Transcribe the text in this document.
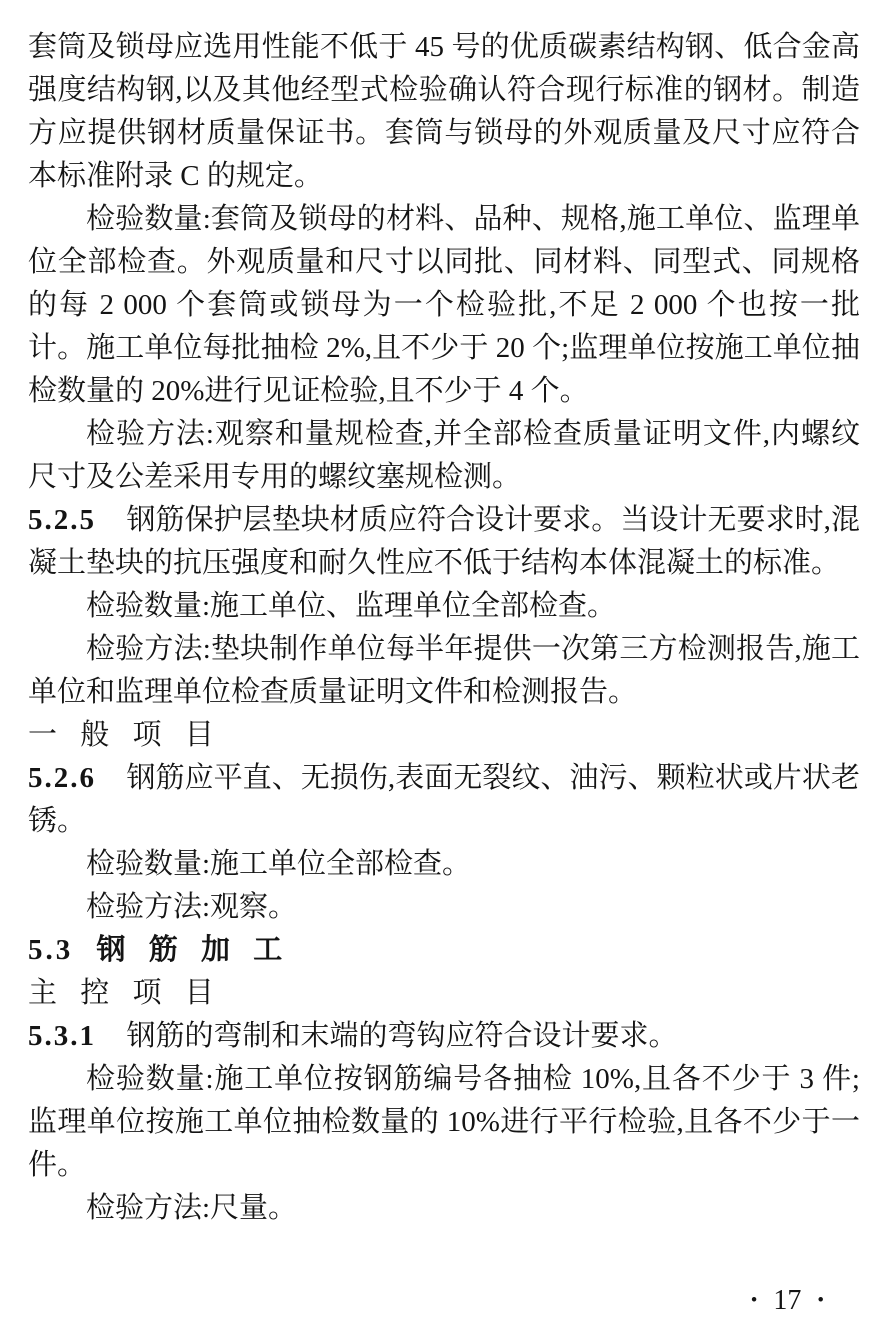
套筒及锁母应选用性能不低于 45 号的优质碳素结构钢、低合金高强度结构钢,以及其他经型式检验确认符合现行标准的钢材。制造方应提供钢材质量保证书。套筒与锁母的外观质量及尺寸应符合本标准附录 C 的规定。

检验数量:套筒及锁母的材料、品种、规格,施工单位、监理单位全部检查。外观质量和尺寸以同批、同材料、同型式、同规格的每 2 000 个套筒或锁母为一个检验批,不足 2 000 个也按一批计。施工单位每批抽检 2%,且不少于 20 个;监理单位按施工单位抽检数量的 20%进行见证检验,且不少于 4 个。

检验方法:观察和量规检查,并全部检查质量证明文件,内螺纹尺寸及公差采用专用的螺纹塞规检测。

5.2.5 钢筋保护层垫块材质应符合设计要求。当设计无要求时,混凝土垫块的抗压强度和耐久性应不低于结构本体混凝土的标准。

检验数量:施工单位、监理单位全部检查。

检验方法:垫块制作单位每半年提供一次第三方检测报告,施工单位和监理单位检查质量证明文件和检测报告。

一 般 项 目

5.2.6 钢筋应平直、无损伤,表面无裂纹、油污、颗粒状或片状老锈。

检验数量:施工单位全部检查。

检验方法:观察。

5.3 钢 筋 加 工

主 控 项 目

5.3.1 钢筋的弯制和末端的弯钩应符合设计要求。

检验数量:施工单位按钢筋编号各抽检 10%,且各不少于 3 件;监理单位按施工单位抽检数量的 10%进行平行检验,且各不少于一件。

检验方法:尺量。

• 17 •
